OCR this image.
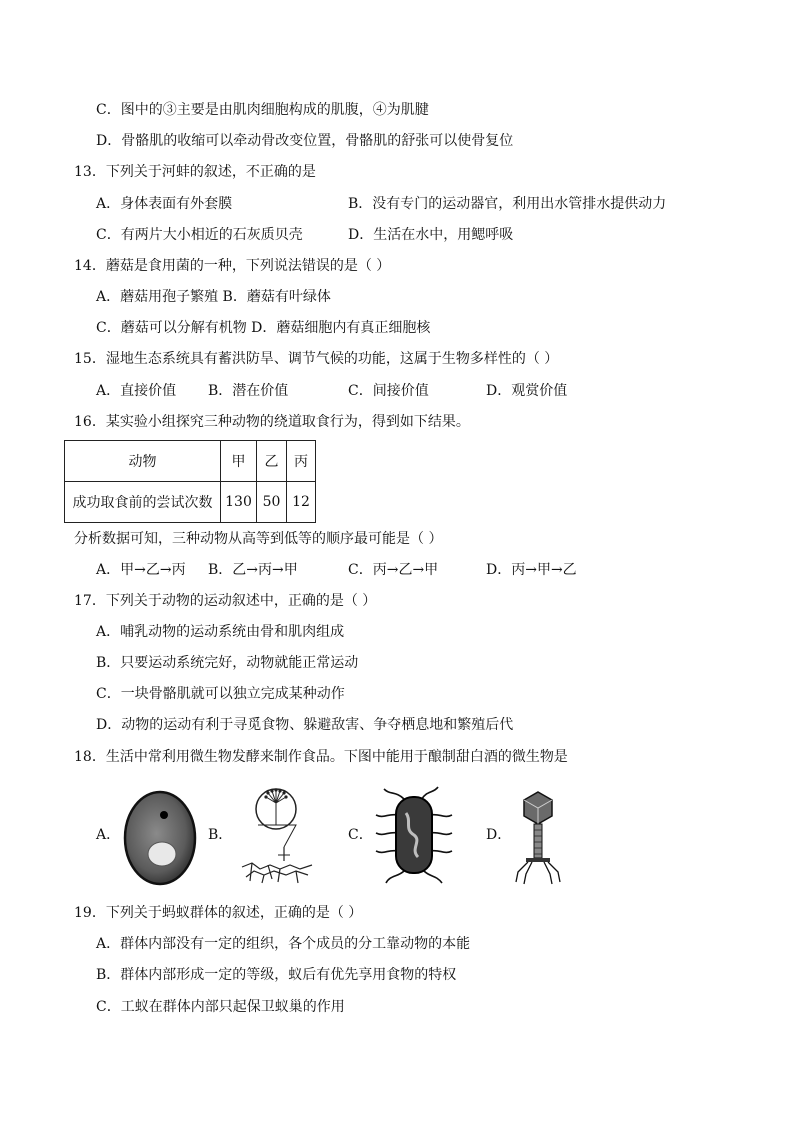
C．图中的③主要是由肌肉细胞构成的肌腹，④为肌腱
D．骨骼肌的收缩可以牵动骨改变位置，骨骼肌的舒张可以使骨复位
13．下列关于河蚌的叙述，不正确的是
A．身体表面有外套膜	B．没有专门的运动器官，利用出水管排水提供动力
C．有两片大小相近的石灰质贝壳	D．生活在水中，用鳃呼吸
14．蘑菇是食用菌的一种，下列说法错误的是（ ）
A．蘑菇用孢子繁殖 B．蘑菇有叶绿体
C．蘑菇可以分解有机物 D．蘑菇细胞内有真正细胞核
15．湿地生态系统具有蓄洪防旱、调节气候的功能，这属于生物多样性的（ ）
A．直接价值 B．潜在价值	C．间接价值	D．观赏价值
16．某实验小组探究三种动物的绕道取食行为，得到如下结果。
动物	甲	乙	丙
成功取食前的尝试次数	130	50	12
分析数据可知，三种动物从高等到低等的顺序最可能是（ ）
A．甲→乙→丙 B．乙→丙→甲	C．丙→乙→甲	D．丙→甲→乙
17．下列关于动物的运动叙述中，正确的是（ ）
A．哺乳动物的运动系统由骨和肌肉组成
B．只要运动系统完好，动物就能正常运动
C．一块骨骼肌就可以独立完成某种动作
D．动物的运动有利于寻觅食物、躲避敌害、争夺栖息地和繁殖后代
18．生活中常利用微生物发酵来制作食品。下图中能用于酿制甜白酒的微生物是
A．	B．	C．	D．
19．下列关于蚂蚁群体的叙述，正确的是（ ）
A．群体内部没有一定的组织，各个成员的分工靠动物的本能
B．群体内部形成一定的等级，蚁后有优先享用食物的特权
C．工蚁在群体内部只起保卫蚁巢的作用
